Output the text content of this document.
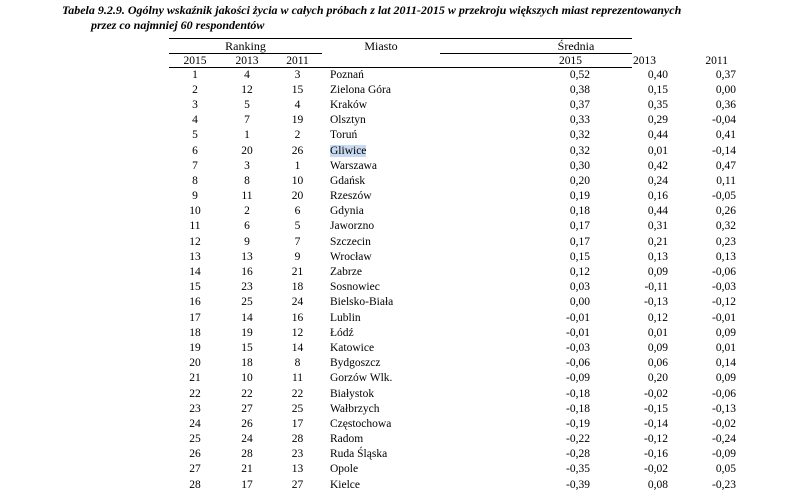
Tabela 9.2.9. Ogólny wskaźnik jakości życia w całych próbach z lat 2011-2015 w przekroju większych miast reprezentowanych
przez co najmniej 60 respondentów
Ranking	Miasto	Średnia
2015	2013	2011		2015	2013	2011
1	4	3	Poznań	0,52	0,40	0,37
2	12	15	Zielona Góra	0,38	0,15	0,00
3	5	4	Kraków	0,37	0,35	0,36
4	7	19	Olsztyn	0,33	0,29	-0,04
5	1	2	Toruń	0,32	0,44	0,41
6	20	26	Gliwice	0,32	0,01	-0,14
7	3	1	Warszawa	0,30	0,42	0,47
8	8	10	Gdańsk	0,20	0,24	0,11
9	11	20	Rzeszów	0,19	0,16	-0,05
10	2	6	Gdynia	0,18	0,44	0,26
11	6	5	Jaworzno	0,17	0,31	0,32
12	9	7	Szczecin	0,17	0,21	0,23
13	13	9	Wrocław	0,15	0,13	0,13
14	16	21	Zabrze	0,12	0,09	-0,06
15	23	18	Sosnowiec	0,03	-0,11	-0,03
16	25	24	Bielsko-Biała	0,00	-0,13	-0,12
17	14	16	Lublin	-0,01	0,12	-0,01
18	19	12	Łódź	-0,01	0,01	0,09
19	15	14	Katowice	-0,03	0,09	0,01
20	18	8	Bydgoszcz	-0,06	0,06	0,14
21	10	11	Gorzów Wlk.	-0,09	0,20	0,09
22	22	22	Białystok	-0,18	-0,02	-0,06
23	27	25	Wałbrzych	-0,18	-0,15	-0,13
24	26	17	Częstochowa	-0,19	-0,14	-0,02
25	24	28	Radom	-0,22	-0,12	-0,24
26	28	23	Ruda Śląska	-0,28	-0,16	-0,09
27	21	13	Opole	-0,35	-0,02	0,05
28	17	27	Kielce	-0,39	0,08	-0,23
